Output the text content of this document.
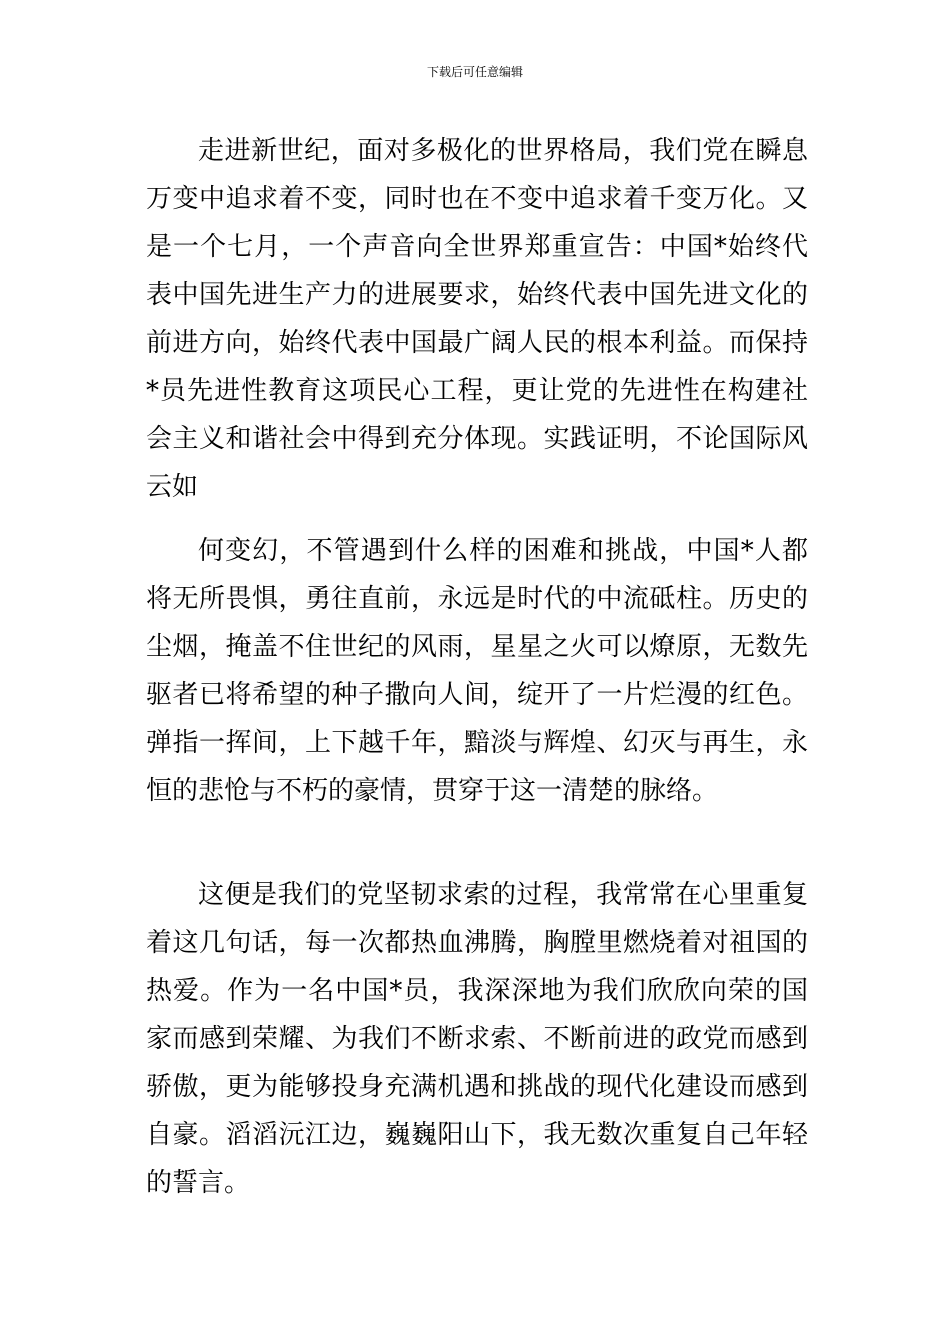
下载后可任意编辑

走进新世纪，面对多极化的世界格局，我们党在瞬息万变中追求着不变，同时也在不变中追求着千变万化。又是一个七月，一个声音向全世界郑重宣告：中国*始终代表中国先进生产力的进展要求，始终代表中国先进文化的前进方向，始终代表中国最广阔人民的根本利益。而保持*员先进性教育这项民心工程，更让党的先进性在构建社会主义和谐社会中得到充分体现。实践证明，不论国际风云如

何变幻，不管遇到什么样的困难和挑战，中国*人都将无所畏惧，勇往直前，永远是时代的中流砥柱。历史的尘烟，掩盖不住世纪的风雨，星星之火可以燎原，无数先驱者已将希望的种子撒向人间，绽开了一片烂漫的红色。弹指一挥间，上下越千年，黯淡与辉煌、幻灭与再生，永恒的悲怆与不朽的豪情，贯穿于这一清楚的脉络。

这便是我们的党坚韧求索的过程，我常常在心里重复着这几句话，每一次都热血沸腾，胸膛里燃烧着对祖国的热爱。作为一名中国*员，我深深地为我们欣欣向荣的国家而感到荣耀、为我们不断求索、不断前进的政党而感到骄傲，更为能够投身充满机遇和挑战的现代化建设而感到自豪。滔滔沅江边，巍巍阳山下，我无数次重复自己年轻的誓言。
